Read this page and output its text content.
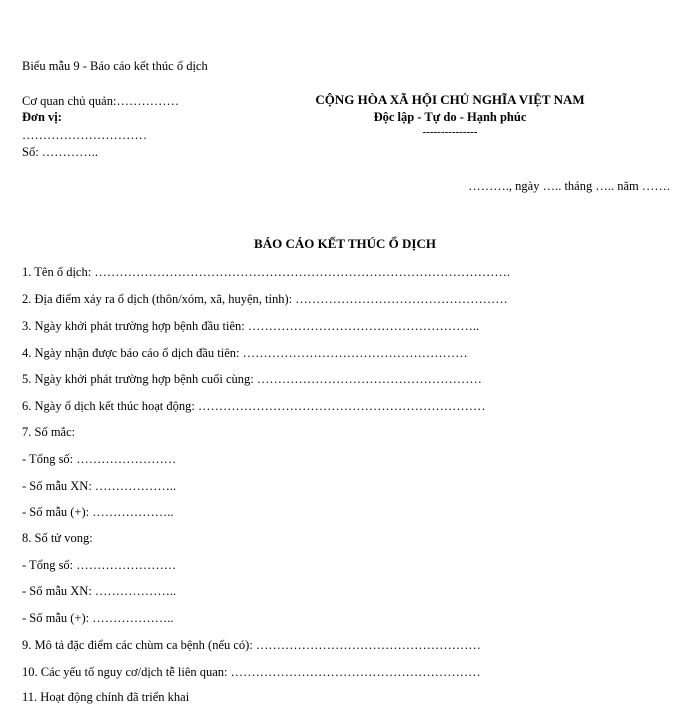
Biểu mẫu 9 - Báo cáo kết thúc ổ dịch
Cơ quan chủ quản:……………
Đơn vị:
…………………………
Số: …………..
CỘNG HÒA XÃ HỘI CHỦ NGHĨA VIỆT NAM
Độc lập - Tự do - Hạnh phúc
---------------
………., ngày ….. tháng ….. năm …….
BÁO CÁO KẾT THÚC Ổ DỊCH
1. Tên ổ dịch: ……………………………………………………………………………………….
2. Địa điểm xảy ra ổ dịch (thôn/xóm, xã, huyện, tỉnh): ……………………………………………
3. Ngày khởi phát trường hợp bệnh đầu tiên: ………………………………………………..
4. Ngày nhận được báo cáo ổ dịch đầu tiên: ………………………………………………
5. Ngày khởi phát trường hợp bệnh cuối cùng: ………………………………………………
6. Ngày ổ dịch kết thúc hoạt động: ……………………………………………………………
7. Số mắc:
- Tổng số: ……………………
- Số mẫu XN: ………………..
- Số mẫu (+): ………………..
8. Số tử vong:
- Tổng số: ……………………
- Số mẫu XN: ………………..
- Số mẫu (+): ………………..
9. Mô tả đặc điểm các chùm ca bệnh (nếu có): ………………………………………………
10. Các yếu tố nguy cơ/dịch tễ liên quan: ……………………………………………………
11. Hoạt động chính đã triển khai
